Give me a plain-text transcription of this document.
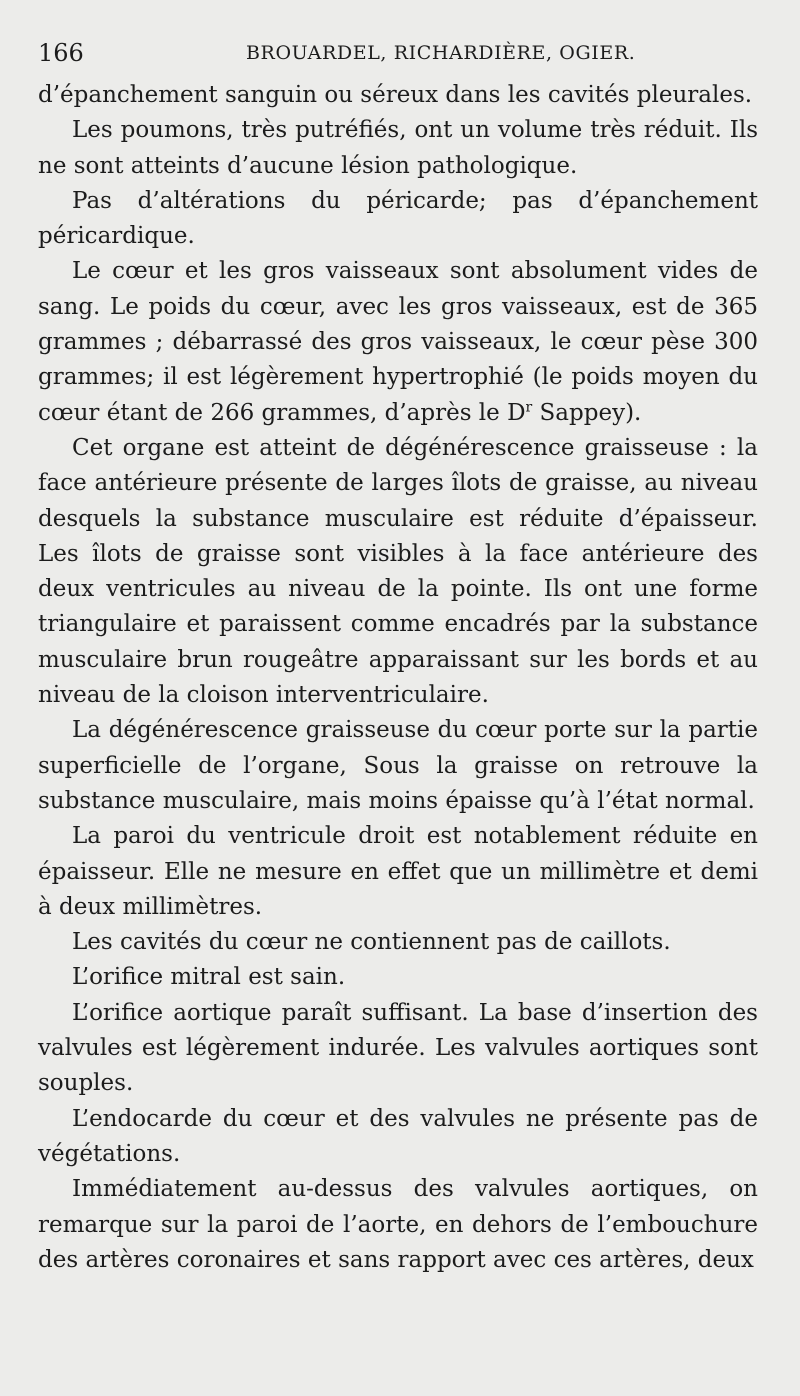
166	BROUARDEL, RICHARDIÈRE, OGIER.

d’épanchement sanguin ou séreux dans les cavités pleurales.

Les poumons, très putréfiés, ont un volume très réduit. Ils ne sont atteints d’aucune lésion pathologique.

Pas d’altérations du péricarde; pas d’épanchement péricardique.

Le cœur et les gros vaisseaux sont absolument vides de sang. Le poids du cœur, avec les gros vaisseaux, est de 365 grammes ; débarrassé des gros vaisseaux, le cœur pèse 300 grammes; il est légèrement hypertrophié (le poids moyen du cœur étant de 266 grammes, d’après le $D^r$ Sappey).

Cet organe est atteint de dégénérescence graisseuse : la face antérieure présente de larges îlots de graisse, au niveau desquels la substance musculaire est réduite d’épaisseur. Les îlots de graisse sont visibles à la face antérieure des deux ventricules au niveau de la pointe. Ils ont une forme triangulaire et paraissent comme encadrés par la substance musculaire brun rougeâtre apparaissant sur les bords et au niveau de la cloison interventriculaire.

La dégénérescence graisseuse du cœur porte sur la partie superficielle de l’organe, Sous la graisse on retrouve la substance musculaire, mais moins épaisse qu’à l’état normal.

La paroi du ventricule droit est notablement réduite en épaisseur. Elle ne mesure en effet que un millimètre et demi à deux millimètres.

Les cavités du cœur ne contiennent pas de caillots.

L’orifice mitral est sain.

L’orifice aortique paraît suffisant. La base d’insertion des valvules est légèrement indurée. Les valvules aortiques sont souples.

L’endocarde du cœur et des valvules ne présente pas de végétations.

Immédiatement au-dessus des valvules aortiques, on remarque sur la paroi de l’aorte, en dehors de l’embouchure des artères coronaires et sans rapport avec ces artères, deux
